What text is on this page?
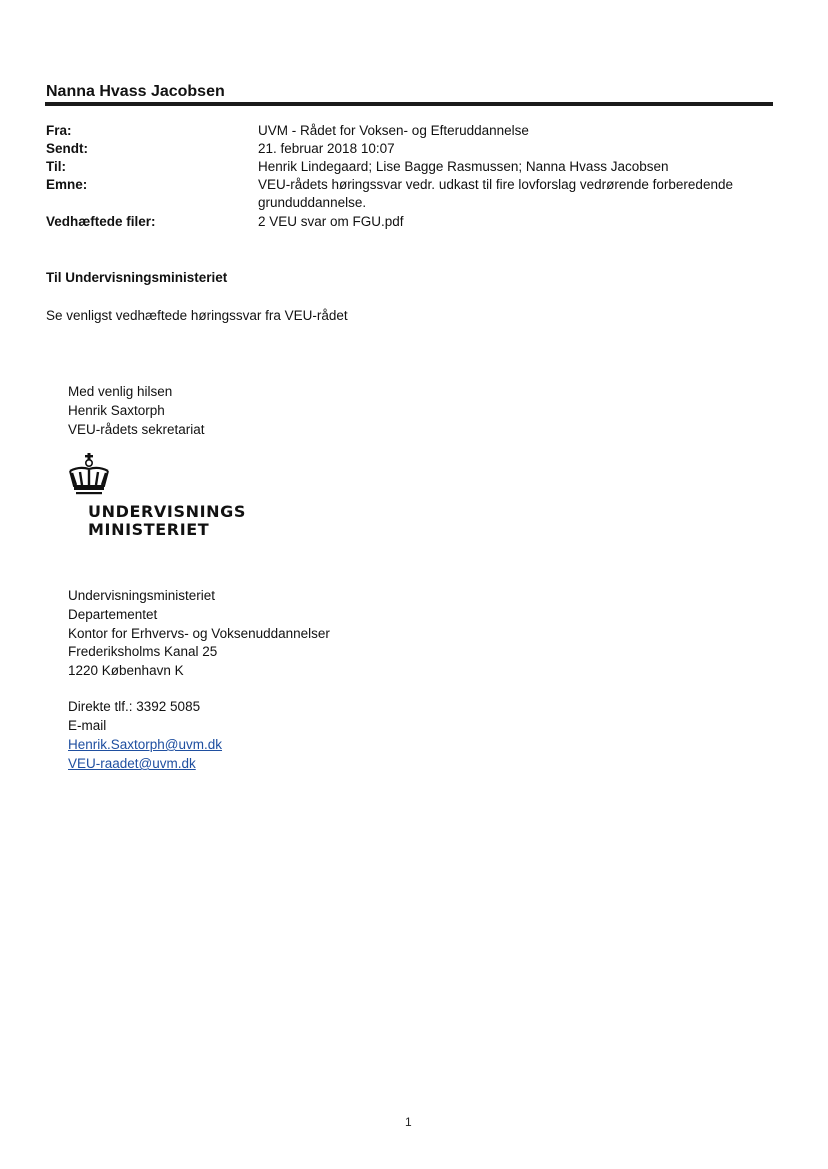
Nanna Hvass Jacobsen
Fra:	UVM - Rådet for Voksen- og Efteruddannelse
Sendt:	21. februar 2018 10:07
Til:	Henrik Lindegaard; Lise Bagge Rasmussen; Nanna Hvass Jacobsen
Emne:	VEU-rådets høringssvar vedr. udkast til fire lovforslag vedrørende forberedende grunduddannelse.
Vedhæftede filer:	2 VEU svar om FGU.pdf
Til Undervisningsministeriet
Se venligst vedhæftede høringssvar fra VEU-rådet
Med venlig hilsen
Henrik Saxtorph
VEU-rådets sekretariat
UNDERVISNINGS
MINISTERIET
Undervisningsministeriet
Departementet
Kontor for Erhvervs- og Voksenuddannelser
Frederiksholms Kanal 25
1220 København K
Direkte tlf.: 3392 5085
E-mail
Henrik.Saxtorph@uvm.dk
VEU-raadet@uvm.dk
1
